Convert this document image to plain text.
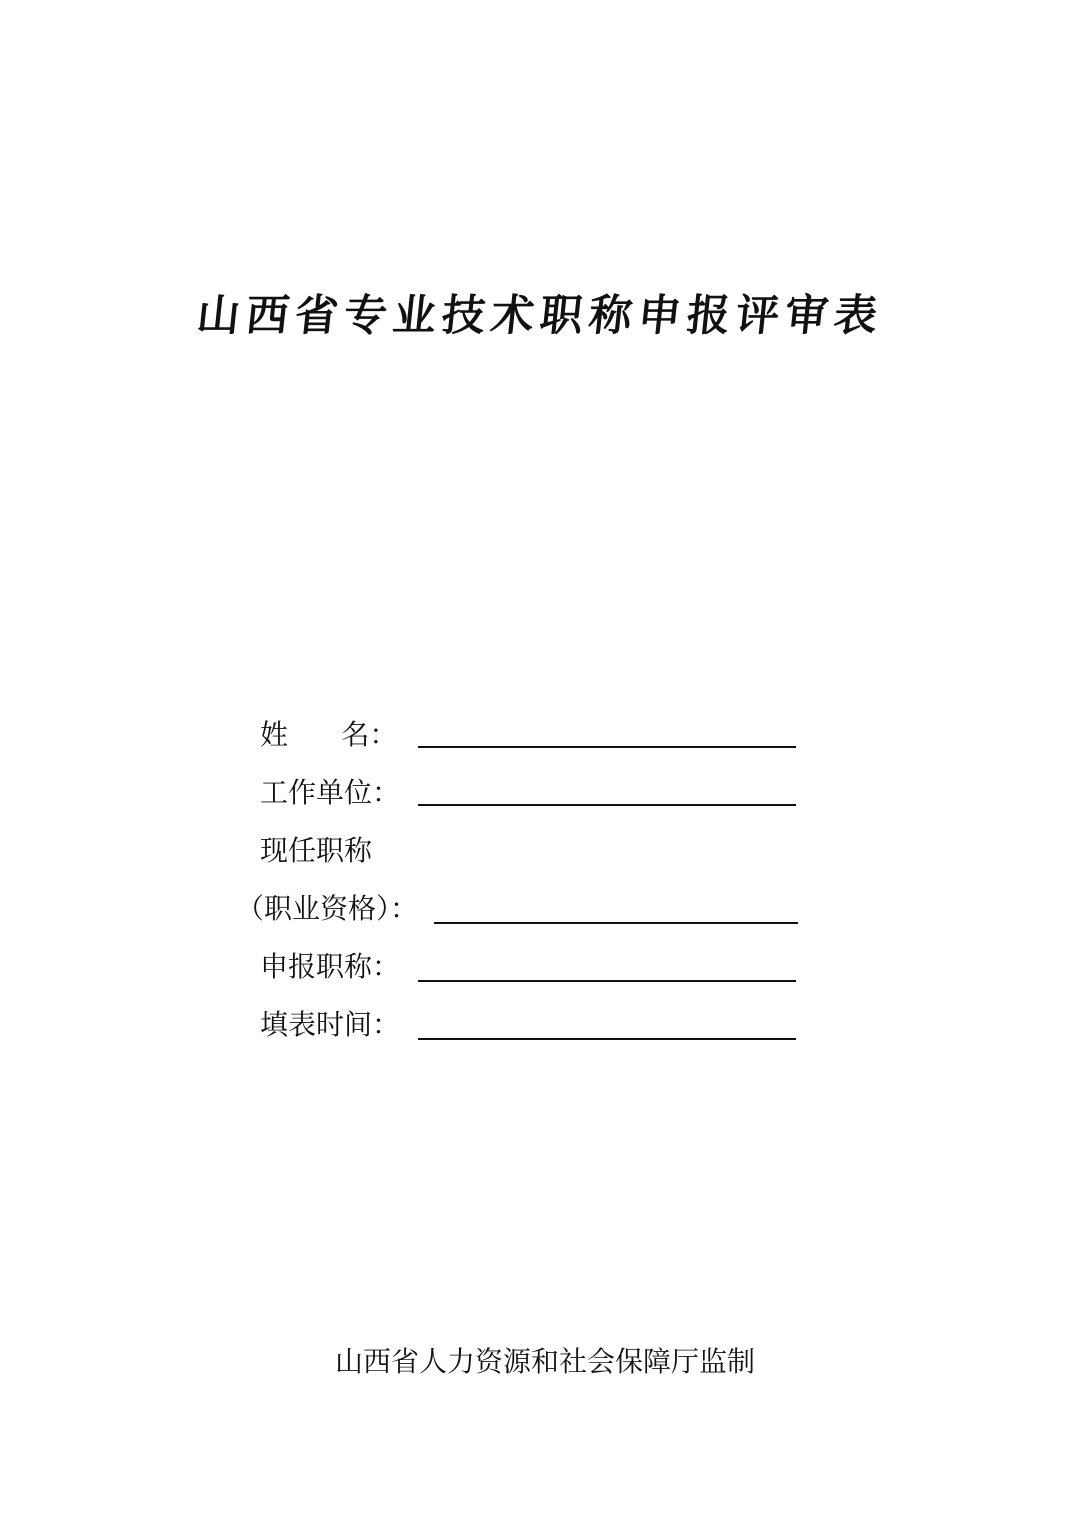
山西省专业技术职称申报评审表
姓      名：
工作单位：
现任职称
（职业资格）：
申报职称：
填表时间：
山西省人力资源和社会保障厅监制
